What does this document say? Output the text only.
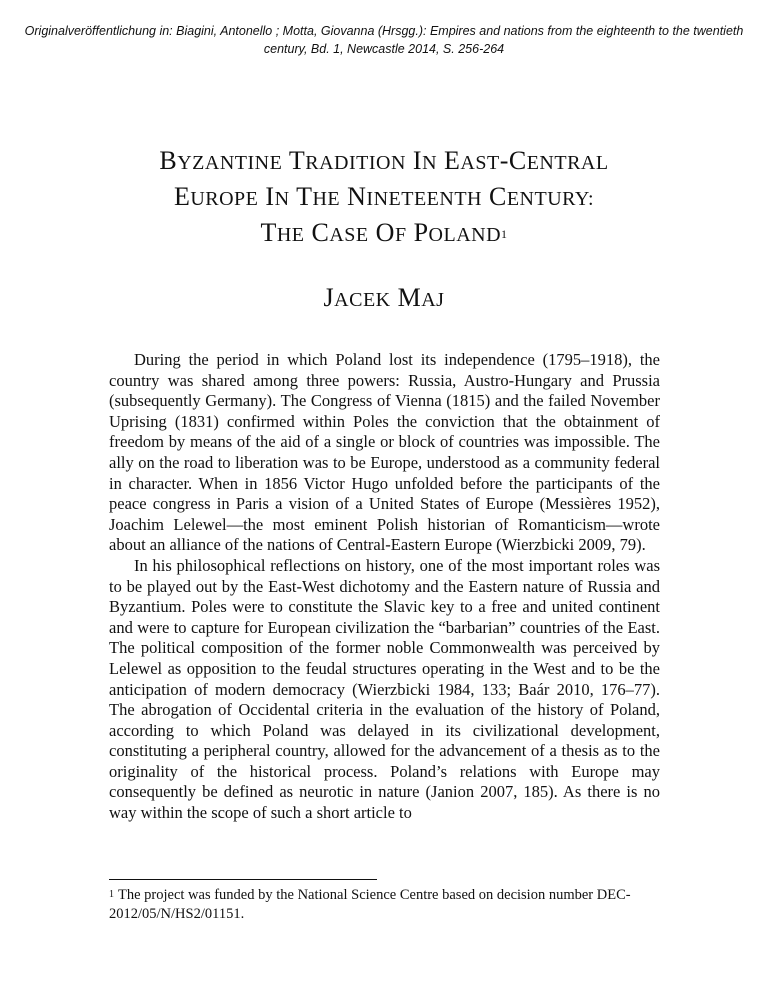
Originalveröffentlichung in: Biagini, Antonello ; Motta, Giovanna (Hrsgg.): Empires and nations from the eighteenth to the twentieth century, Bd. 1, Newcastle 2014, S. 256-264
BYZANTINE TRADITION IN EAST-CENTRAL
EUROPE IN THE NINETEENTH CENTURY:
THE CASE OF POLAND$^1$
JACEK MAJ

During the period in which Poland lost its independence (1795–1918), the country was shared among three powers: Russia, Austro-Hungary and Prussia (subsequently Germany). The Congress of Vienna (1815) and the failed November Uprising (1831) confirmed within Poles the conviction that the obtainment of freedom by means of the aid of a single or block of countries was impossible. The ally on the road to liberation was to be Europe, understood as a community federal in character. When in 1856 Victor Hugo unfolded before the participants of the peace congress in Paris a vision of a United States of Europe (Messières 1952), Joachim Lelewel—the most eminent Polish historian of Romanticism—wrote about an alliance of the nations of Central-Eastern Europe (Wierzbicki 2009, 79).

In his philosophical reflections on history, one of the most important roles was to be played out by the East-West dichotomy and the Eastern nature of Russia and Byzantium. Poles were to constitute the Slavic key to a free and united continent and were to capture for European civilization the “barbarian” countries of the East. The political composition of the former noble Commonwealth was perceived by Lelewel as opposition to the feudal structures operating in the West and to be the anticipation of modern democracy (Wierzbicki 1984, 133; Baár 2010, 176–77). The abrogation of Occidental criteria in the evaluation of the history of Poland, according to which Poland was delayed in its civilizational development, constituting a peripheral country, allowed for the advancement of a thesis as to the originality of the historical process. Poland’s relations with Europe may consequently be defined as neurotic in nature (Janion 2007, 185). As there is no way within the scope of such a short article to

$^1$ The project was funded by the National Science Centre based on decision number DEC-2012/05/N/HS2/01151.
